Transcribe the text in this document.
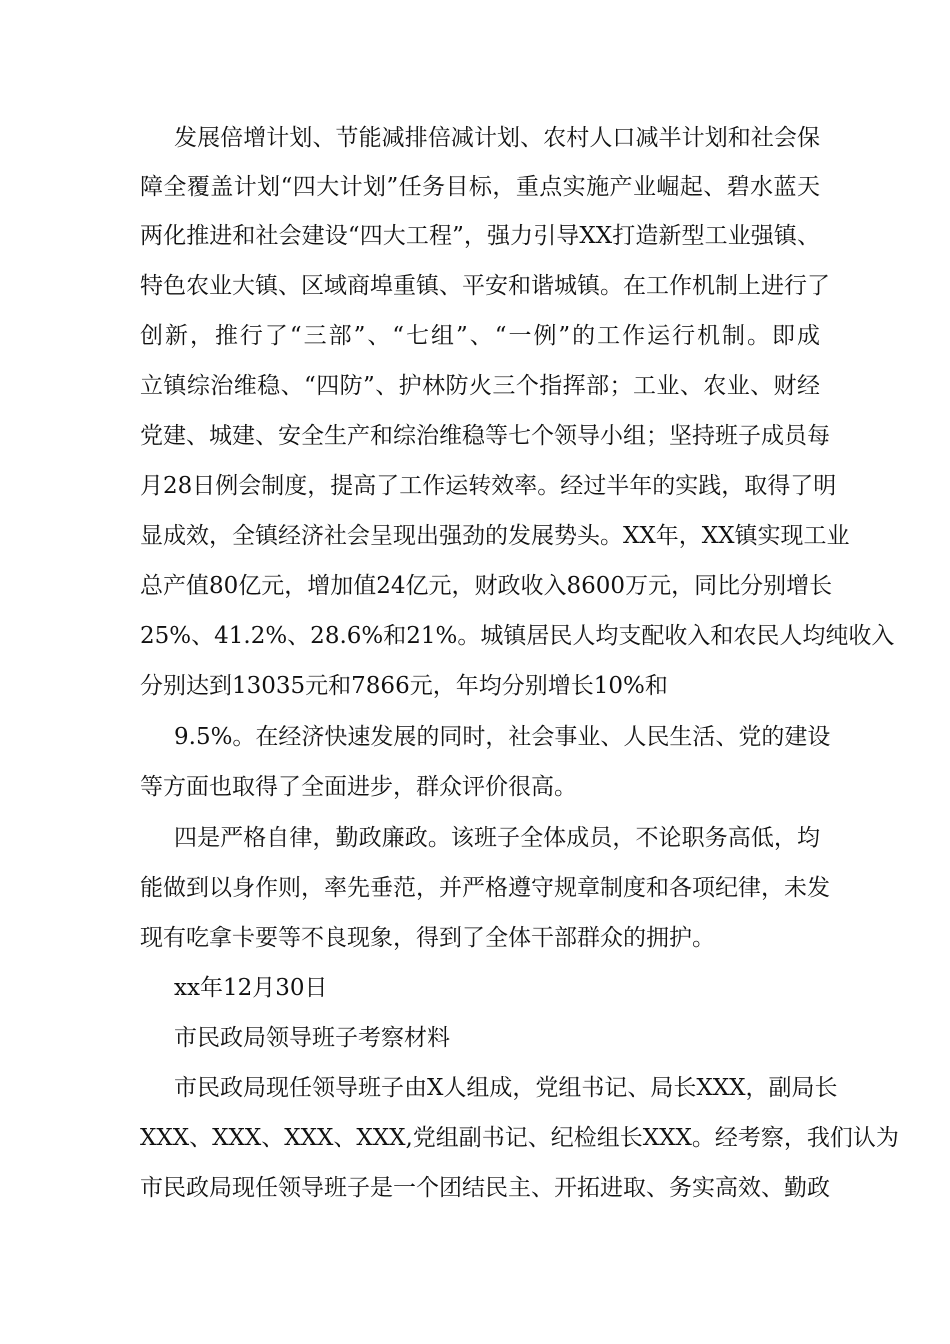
发展倍增计划、节能减排倍减计划、农村人口减半计划和社会保
障全覆盖计划“四大计划”任务目标，重点实施产业崛起、碧水蓝天
两化推进和社会建设“四大工程”，强力引导XX打造新型工业强镇、
特色农业大镇、区域商埠重镇、平安和谐城镇。在工作机制上进行了
创新，推行了“三部”、“七组”、“一例”的工作运行机制。即成
立镇综治维稳、“四防”、护林防火三个指挥部；工业、农业、财经
党建、城建、安全生产和综治维稳等七个领导小组；坚持班子成员每
月28日例会制度，提高了工作运转效率。经过半年的实践，取得了明
显成效，全镇经济社会呈现出强劲的发展势头。XX年，XX镇实现工业
总产值80亿元，增加值24亿元，财政收入8600万元，同比分别增长
25%、41.2%、28.6%和21%。城镇居民人均支配收入和农民人均纯收入
分别达到13035元和7866元，年均分别增长10%和
9.5%。在经济快速发展的同时，社会事业、人民生活、党的建设
等方面也取得了全面进步，群众评价很高。
四是严格自律，勤政廉政。该班子全体成员，不论职务高低，均
能做到以身作则，率先垂范，并严格遵守规章制度和各项纪律，未发
现有吃拿卡要等不良现象，得到了全体干部群众的拥护。
xx年12月30日
市民政局领导班子考察材料
市民政局现任领导班子由X人组成，党组书记、局长XXX，副局长
XXX、XXX、XXX、XXX,党组副书记、纪检组长XXX。经考察，我们认为
市民政局现任领导班子是一个团结民主、开拓进取、务实高效、勤政
